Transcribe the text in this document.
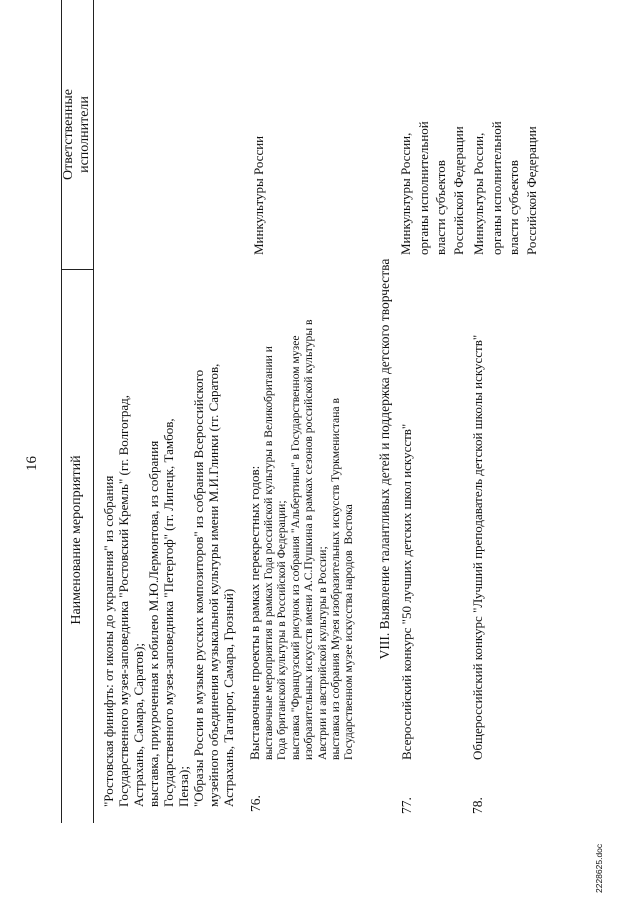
16 Наименование мероприятий
Ответственные
исполнители
"Ростовская финифть: от иконы до украшения" из собрания
Государственного музея-заповедника "Ростовский Кремль" (гг. Волгоград,
Астрахань, Самара, Саратов);
выставка, приуроченная к юбилею М.Ю.Лермонтова, из собрания
Государственного музея-заповедника "Петергоф" (гг. Липецк, Тамбов,
Пенза);
"Образы России в музыке русских композиторов" из собрания Всероссийского
музейного объединения музыкальной культуры имени М.И.Глинки (гг. Саратов,
Астрахань, Таганрог, Самара, Грозный)
76.
Выставочные проекты в рамках перекрестных годов: выставочные мероприятия в рамках Года российской культуры в Великобритании и
Года британской культуры в Российской Федерации;
выставка "Французский рисунок из собрания "Альбертины" в Государственном музее
изобразительных искусств имени А.С.Пушкина в рамках сезонов российской культуры в
Австрии и австрийской культуры в России;
выставка из собрания Музея изобразительных искусств Туркменистана в
Государственном музее искусства народов  Востока
Минкультуры России
VIII. Выявление талантливых детей и поддержка детского творчества
77.
Всероссийский конкурс "50 лучших детских школ искусств"
Минкультуры России,
органы исполнительной
власти субъектов
Российской Федерации
78.
Общероссийский конкурс "Лучший преподаватель детской школы искусств"
Минкультуры России,
органы исполнительной
власти субъектов
Российской Федерации
2228625.doc
